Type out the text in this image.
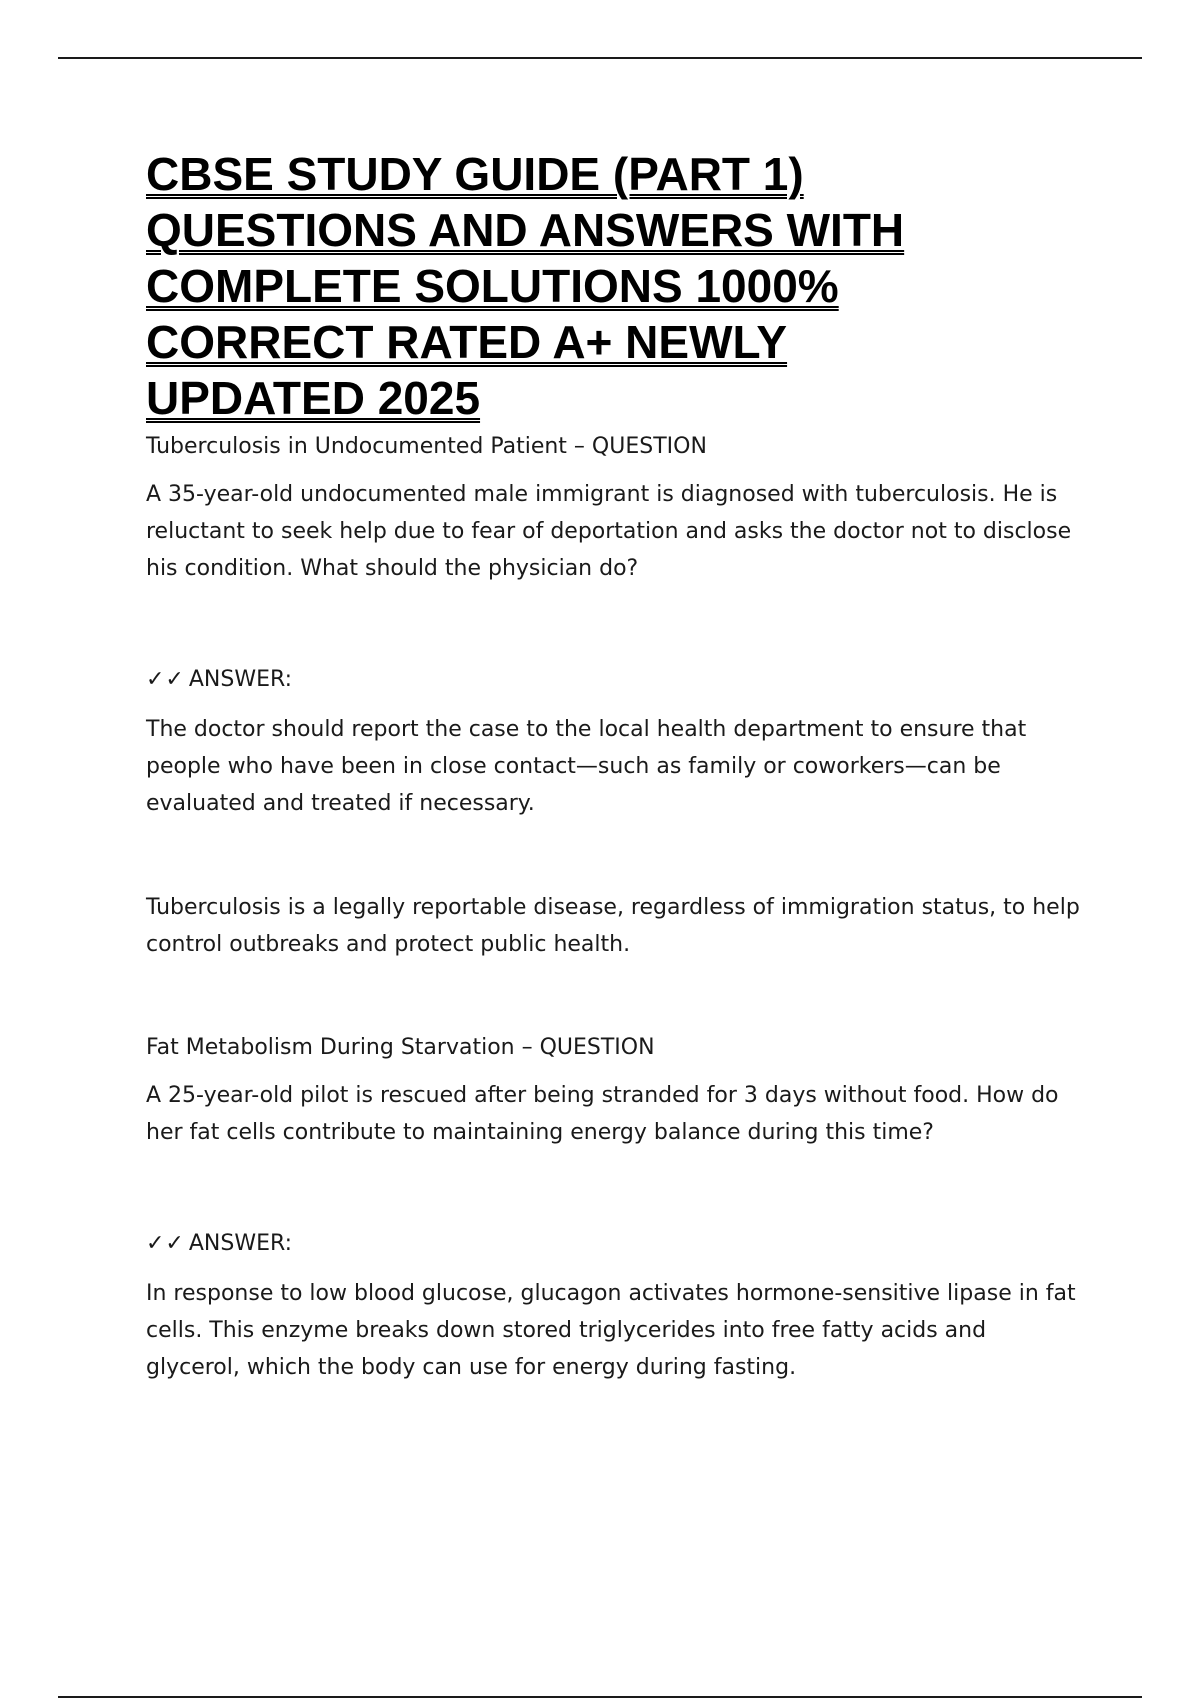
CBSE STUDY GUIDE (PART 1)
QUESTIONS AND ANSWERS WITH
COMPLETE SOLUTIONS 1000%
CORRECT RATED A+ NEWLY
UPDATED 2025

Tuberculosis in Undocumented Patient – QUESTION

A 35-year-old undocumented male immigrant is diagnosed with tuberculosis. He is reluctant to seek help due to fear of deportation and asks the doctor not to disclose his condition. What should the physician do?

✓✓ ANSWER:

The doctor should report the case to the local health department to ensure that people who have been in close contact—such as family or coworkers—can be evaluated and treated if necessary.

Tuberculosis is a legally reportable disease, regardless of immigration status, to help control outbreaks and protect public health.

Fat Metabolism During Starvation – QUESTION

A 25-year-old pilot is rescued after being stranded for 3 days without food. How do her fat cells contribute to maintaining energy balance during this time?

✓✓ ANSWER:

In response to low blood glucose, glucagon activates hormone-sensitive lipase in fat cells. This enzyme breaks down stored triglycerides into free fatty acids and glycerol, which the body can use for energy during fasting.
